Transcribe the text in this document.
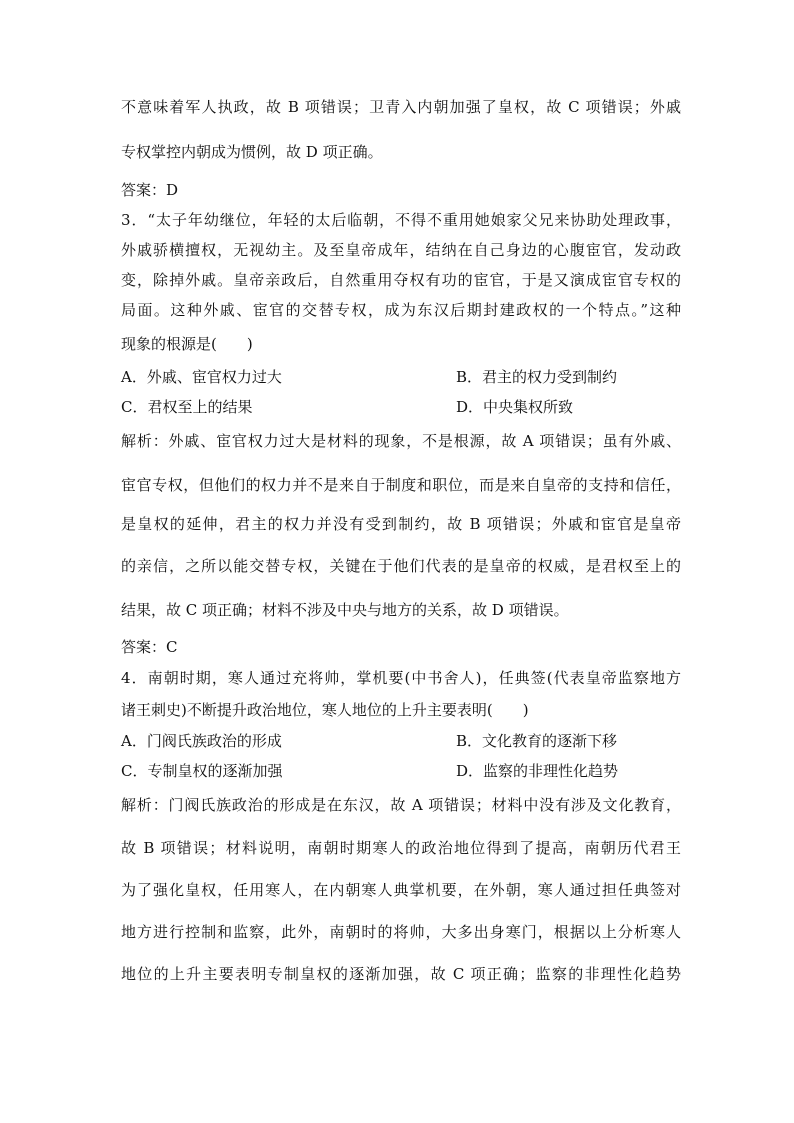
不意味着军人执政，故 B 项错误；卫青入内朝加强了皇权，故 C 项错误；外戚
专权掌控内朝成为惯例，故 D 项正确。
答案：D
3．“太子年幼继位，年轻的太后临朝，不得不重用她娘家父兄来协助处理政事，
外戚骄横擅权，无视幼主。及至皇帝成年，结纳在自己身边的心腹宦官，发动政
变，除掉外戚。皇帝亲政后，自然重用夺权有功的宦官，于是又演成宦官专权的
局面。这种外戚、宦官的交替专权，成为东汉后期封建政权的一个特点。”这种
现象的根源是(　　)
A．外戚、宦官权力过大	B．君主的权力受到制约
C．君权至上的结果	D．中央集权所致
解析：外戚、宦官权力过大是材料的现象，不是根源，故 A 项错误；虽有外戚、
宦官专权，但他们的权力并不是来自于制度和职位，而是来自皇帝的支持和信任，
是皇权的延伸，君主的权力并没有受到制约，故 B 项错误；外戚和宦官是皇帝
的亲信，之所以能交替专权，关键在于他们代表的是皇帝的权威，是君权至上的
结果，故 C 项正确；材料不涉及中央与地方的关系，故 D 项错误。
答案：C
4．南朝时期，寒人通过充将帅，掌机要(中书舍人)，任典签(代表皇帝监察地方
诸王刺史)不断提升政治地位，寒人地位的上升主要表明(　　)
A．门阀氏族政治的形成	B．文化教育的逐渐下移
C．专制皇权的逐渐加强	D．监察的非理性化趋势
解析：门阀氏族政治的形成是在东汉，故 A 项错误；材料中没有涉及文化教育，
故 B 项错误；材料说明，南朝时期寒人的政治地位得到了提高，南朝历代君王
为了强化皇权，任用寒人，在内朝寒人典掌机要，在外朝，寒人通过担任典签对
地方进行控制和监察，此外，南朝时的将帅，大多出身寒门，根据以上分析寒人
地位的上升主要表明专制皇权的逐渐加强，故 C 项正确；监察的非理性化趋势
